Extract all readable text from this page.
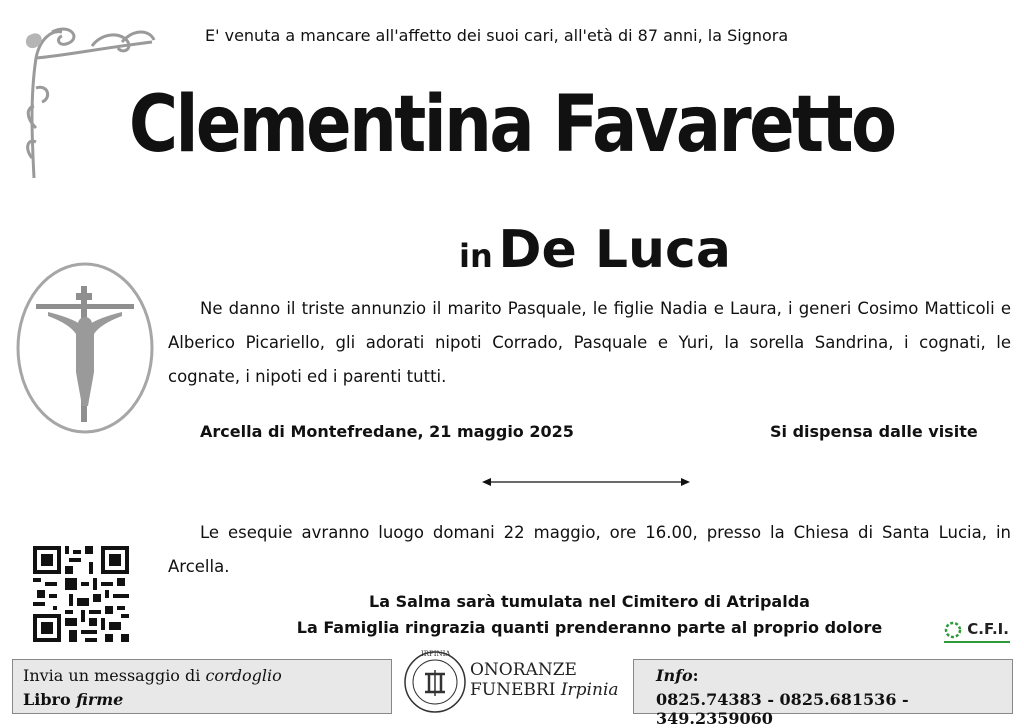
E' venuta a mancare all'affetto dei suoi cari, all'età di 87 anni, la Signora
Clementina Favaretto
in De Luca
Ne danno il triste annunzio il marito Pasquale, le figlie Nadia e Laura, i generi Cosimo Matticoli e Alberico Picariello, gli adorati nipoti Corrado, Pasquale e Yuri, la sorella Sandrina, i cognati, le cognate, i nipoti ed i parenti tutti.
Arcella di Montefredane, 21 maggio 2025	Si dispensa dalle visite
Le esequie avranno luogo domani 22 maggio, ore 16.00, presso la Chiesa di Santa Lucia, in Arcella.
La Salma sarà tumulata nel Cimitero di Atripalda
La Famiglia ringrazia quanti prenderanno parte al proprio dolore	C.F.I.
Invia un messaggio di cordoglio
Libro firme
IRPINIA
ONORANZE
FUNEBRI Irpinia
Info:
0825.74383 - 0825.681536 - 349.2359060
